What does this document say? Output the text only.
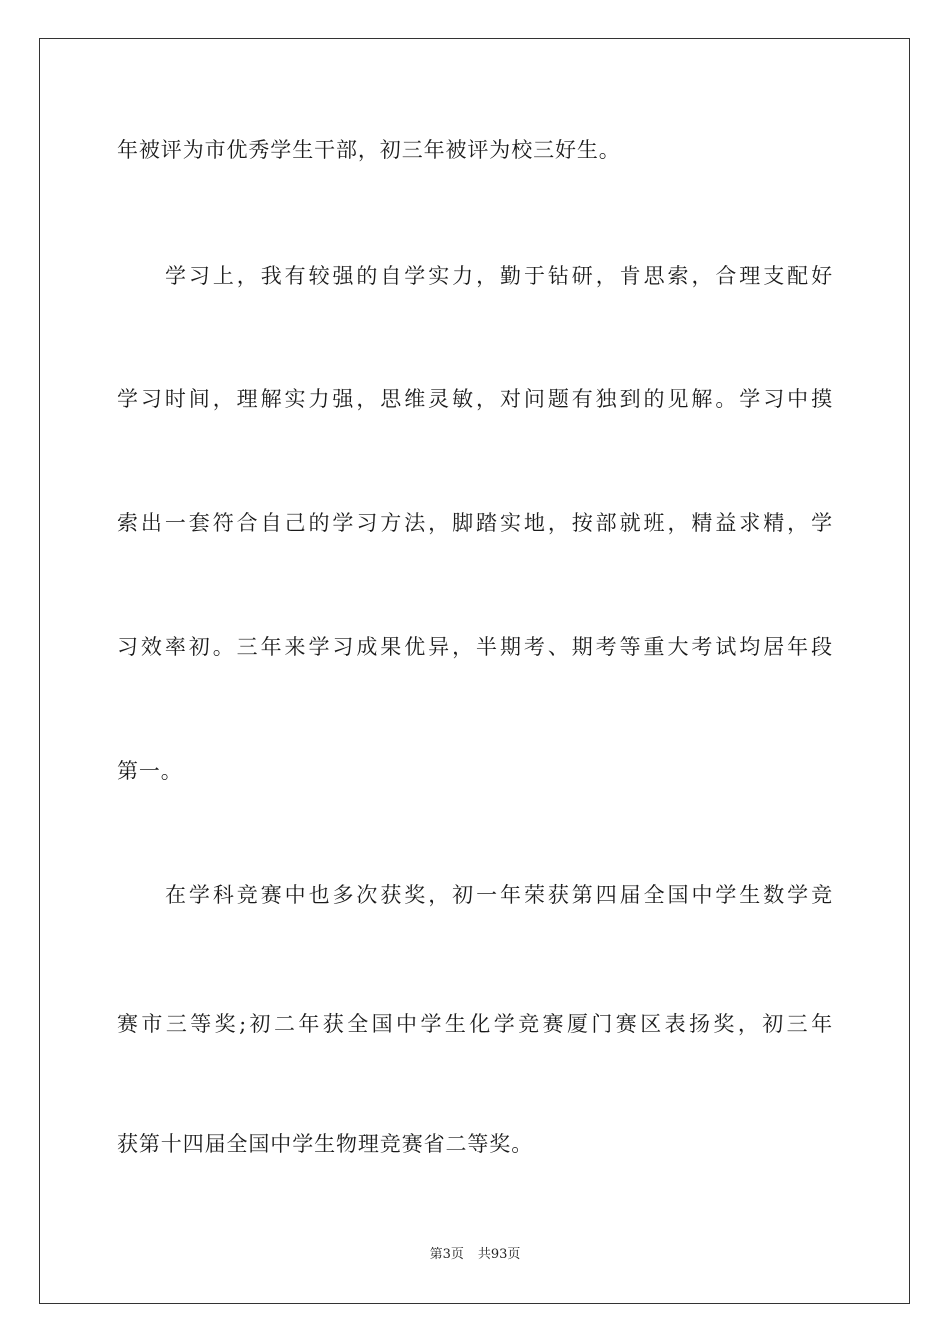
年被评为市优秀学生干部，初三年被评为校三好生。
学习上，我有较强的自学实力，勤于钻研，肯思索，合理支配好
学习时间，理解实力强，思维灵敏，对问题有独到的见解。学习中摸
索出一套符合自己的学习方法，脚踏实地，按部就班，精益求精，学
习效率初。三年来学习成果优异，半期考、期考等重大考试均居年段
第一。
在学科竞赛中也多次获奖，初一年荣获第四届全国中学生数学竞
赛市三等奖;初二年获全国中学生化学竞赛厦门赛区表扬奖，初三年
获第十四届全国中学生物理竞赛省二等奖。
第3页 共93页
